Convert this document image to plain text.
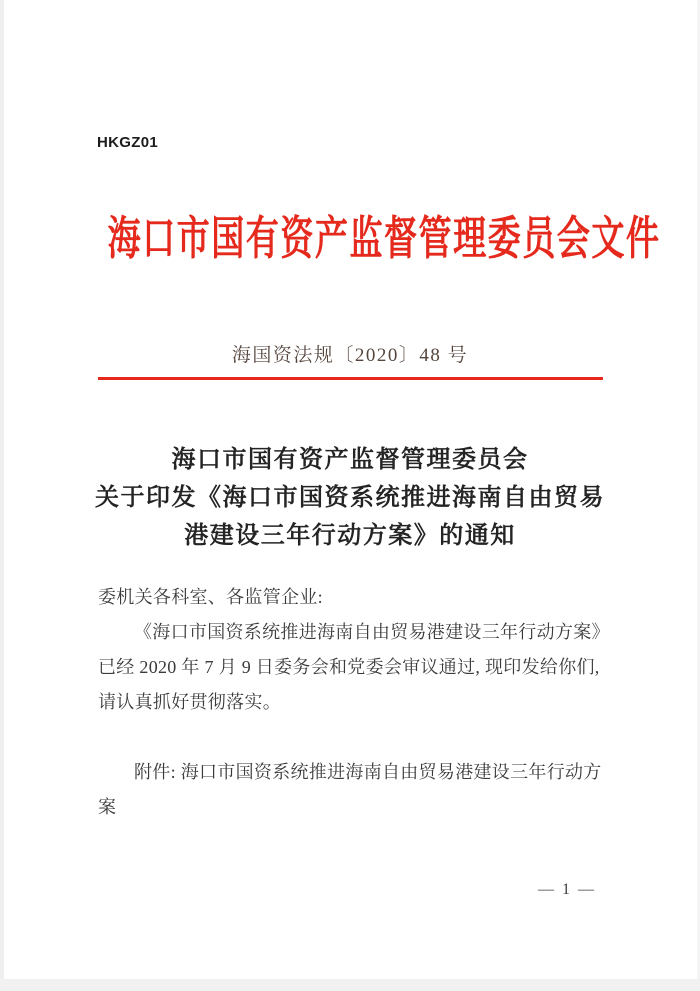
HKGZ01
海口市国有资产监督管理委员会文件
海国资法规〔2020〕48 号
海口市国有资产监督管理委员会
关于印发《海口市国资系统推进海南自由贸易
港建设三年行动方案》的通知
委机关各科室、各监管企业:
《海口市国资系统推进海南自由贸易港建设三年行动方案》
已经 2020 年 7 月 9 日委务会和党委会审议通过, 现印发给你们,
请认真抓好贯彻落实。
附件: 海口市国资系统推进海南自由贸易港建设三年行动方
案
— 1 —
